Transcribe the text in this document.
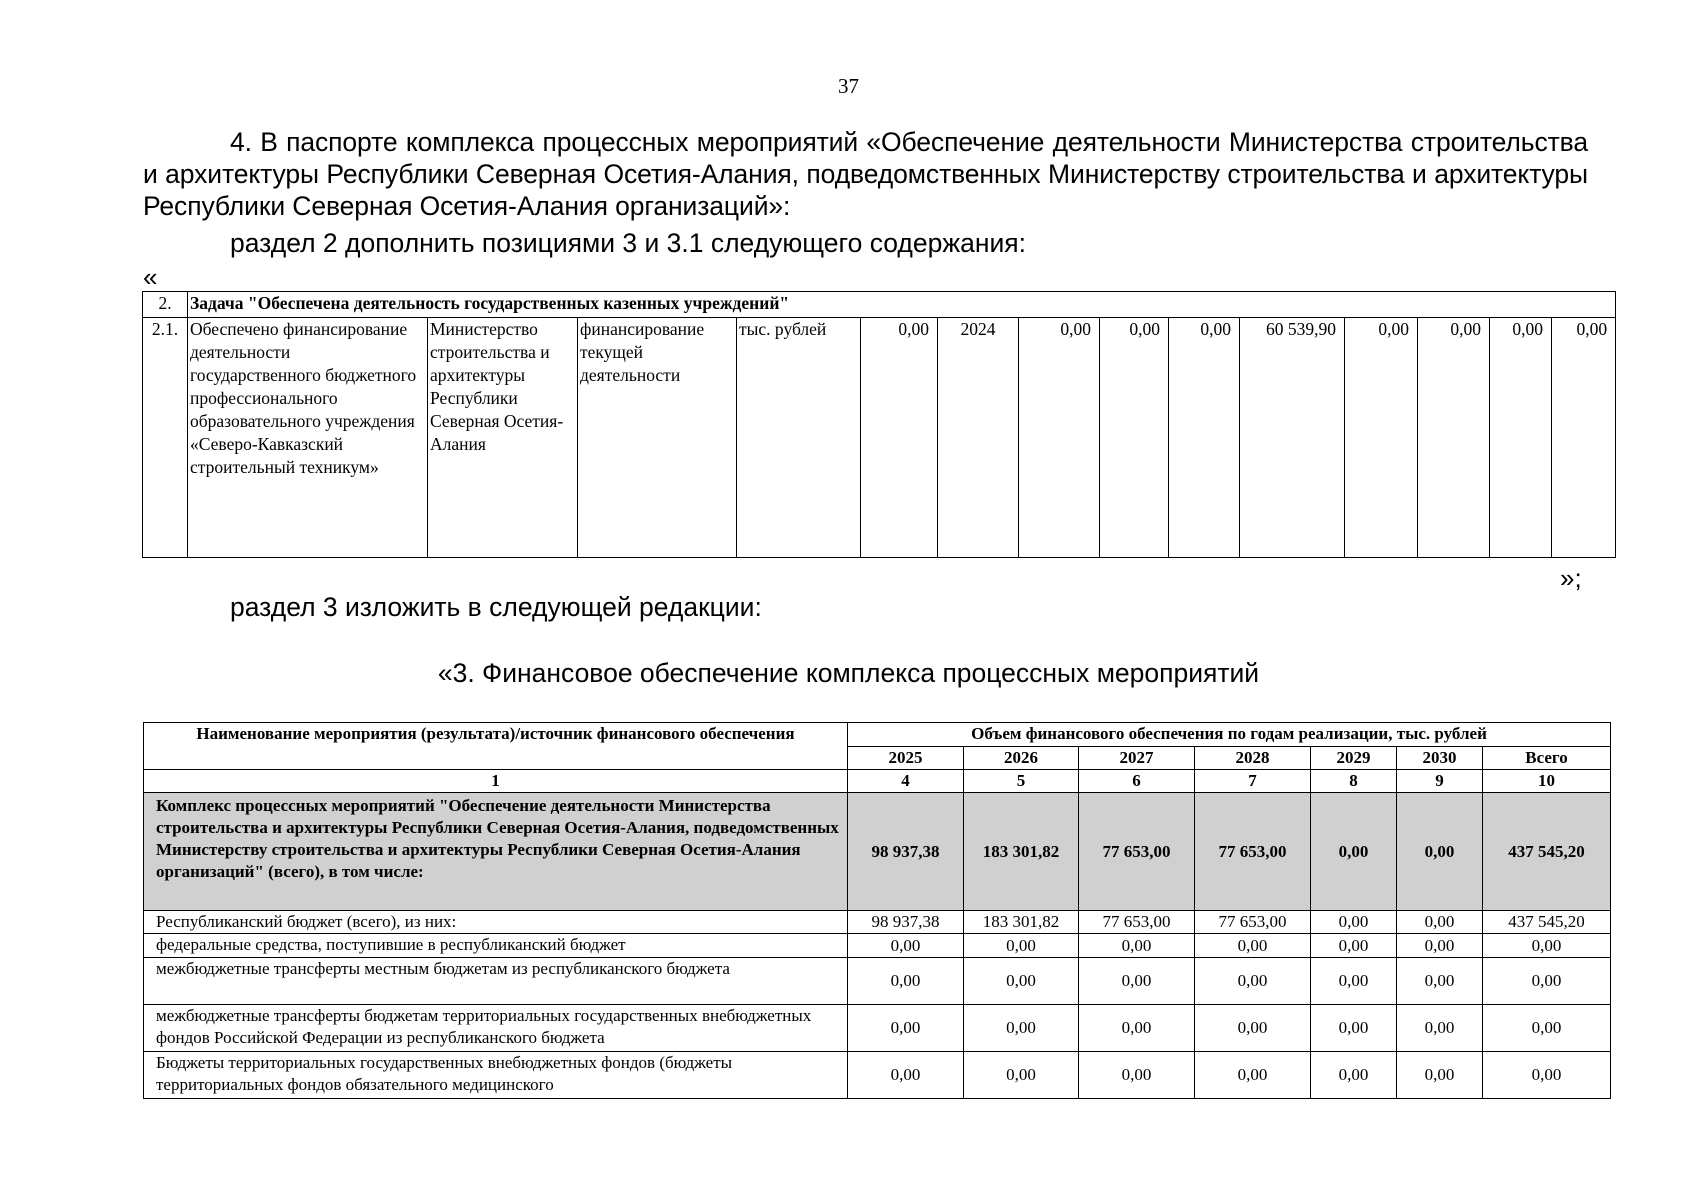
37
4. В паспорте комплекса процессных мероприятий «Обеспечение деятельности Министерства строительства и архитектуры Республики Северная Осетия-Алания, подведомственных Министерству строительства и архитектуры Республики Северная Осетия-Алания организаций»:
раздел 2 дополнить позициями 3 и 3.1 следующего содержания:
«
2.	Задача "Обеспечена деятельность государственных казенных учреждений"													
2.1.	Обеспечено финансирование деятельности государственного бюджетного профессионального образовательного учреждения «Северо-Кавказский строительный техникум»	Министерство строительства и архитектуры Республики Северная Осетия-Алания	финансирование текущей деятельности	тыс. рублей	0,00	2024	0,00	0,00	0,00	60 539,90	0,00	0,00	0,00	0,00
»;
раздел 3 изложить в следующей редакции:
«3. Финансовое обеспечение комплекса процессных мероприятий
Наименование мероприятия (результата)/источник финансового обеспечения	Объем финансового обеспечения по годам реализации, тыс. рублей						
	2025	2026	2027	2028	2029	2030	Всего
1	4	5	6	7	8	9	10
Комплекс процессных мероприятий "Обеспечение деятельности Министерства строительства и архитектуры Республики Северная Осетия-Алания, подведомственных Министерству строительства и архитектуры Республики Северная Осетия-Алания организаций" (всего), в том числе:	98 937,38	183 301,82	77 653,00	77 653,00	0,00	0,00	437 545,20
Республиканский бюджет (всего), из них:	98 937,38	183 301,82	77 653,00	77 653,00	0,00	0,00	437 545,20
федеральные средства, поступившие в республиканский бюджет	0,00	0,00	0,00	0,00	0,00	0,00	0,00
межбюджетные трансферты местным бюджетам из республиканского бюджета	0,00	0,00	0,00	0,00	0,00	0,00	0,00
межбюджетные трансферты бюджетам территориальных государственных внебюджетных фондов Российской Федерации из республиканского бюджета	0,00	0,00	0,00	0,00	0,00	0,00	0,00
Бюджеты территориальных государственных внебюджетных фондов (бюджеты территориальных фондов обязательного медицинского	0,00	0,00	0,00	0,00	0,00	0,00	0,00
